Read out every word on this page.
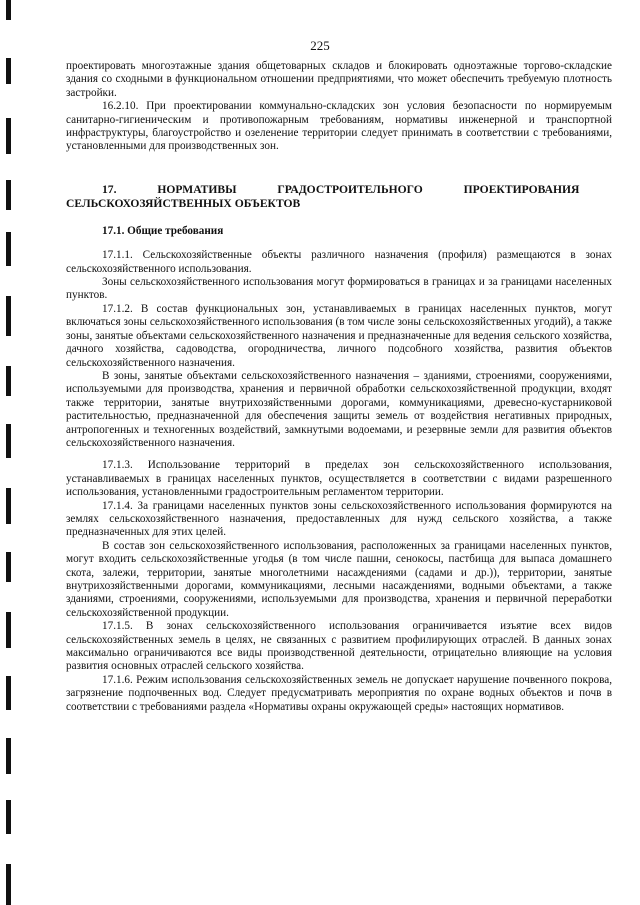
225

проектировать многоэтажные здания общетоварных складов и блокировать одноэтажные торгово-складские здания со сходными в функциональном отношении предприятиями, что может обеспечить требуемую плотность застройки.

16.2.10. При проектировании коммунально-складских зон условия безопасности по нормируемым санитарно-гигиеническим и противопожарным требованиям, нормативы инженерной и транспортной инфраструктуры, благоустройство и озеленение территории следует принимать в соответствии с требованиями, установленными для производственных зон.

17. НОРМАТИВЫ ГРАДОСТРОИТЕЛЬНОГО ПРОЕКТИРОВАНИЯ
СЕЛЬСКОХОЗЯЙСТВЕННЫХ ОБЪЕКТОВ

17.1. Общие требования

17.1.1. Сельскохозяйственные объекты различного назначения (профиля) размещаются в зонах сельскохозяйственного использования.

Зоны сельскохозяйственного использования могут формироваться в границах и за границами населенных пунктов.

17.1.2. В состав функциональных зон, устанавливаемых в границах населенных пунктов, могут включаться зоны сельскохозяйственного использования (в том числе зоны сельскохозяйственных угодий), а также зоны, занятые объектами сельскохозяйственного назначения и предназначенные для ведения сельского хозяйства, дачного хозяйства, садоводства, огородничества, личного подсобного хозяйства, развития объектов сельскохозяйственного назначения.

В зоны, занятые объектами сельскохозяйственного назначения – зданиями, строениями, сооружениями, используемыми для производства, хранения и первичной обработки сельскохозяйственной продукции, входят также территории, занятые внутрихозяйственными дорогами, коммуникациями, древесно-кустарниковой растительностью, предназначенной для обеспечения защиты земель от воздействия негативных природных, антропогенных и техногенных воздействий, замкнутыми водоемами, и резервные земли для развития объектов сельскохозяйственного назначения.

17.1.3. Использование территорий в пределах зон сельскохозяйственного использования, устанавливаемых в границах населенных пунктов, осуществляется в соответствии с видами разрешенного использования, установленными градостроительным регламентом территории.

17.1.4. За границами населенных пунктов зоны сельскохозяйственного использования формируются на землях сельскохозяйственного назначения, предоставленных для нужд сельского хозяйства, а также предназначенных для этих целей.

В состав зон сельскохозяйственного использования, расположенных за границами населенных пунктов, могут входить сельскохозяйственные угодья (в том числе пашни, сенокосы, пастбища для выпаса домашнего скота, залежи, территории, занятые многолетними насаждениями (садами и др.)), территории, занятые внутрихозяйственными дорогами, коммуникациями, лесными насаждениями, водными объектами, а также зданиями, строениями, сооружениями, используемыми для производства, хранения и первичной переработки сельскохозяйственной продукции.

17.1.5. В зонах сельскохозяйственного использования ограничивается изъятие всех видов сельскохозяйственных земель в целях, не связанных с развитием профилирующих отраслей. В данных зонах максимально ограничиваются все виды производственной деятельности, отрицательно влияющие на условия развития основных отраслей сельского хозяйства.

17.1.6. Режим использования сельскохозяйственных земель не допускает нарушение почвенного покрова, загрязнение подпочвенных вод. Следует предусматривать мероприятия по охране водных объектов и почв в соответствии с требованиями раздела «Нормативы охраны окружающей среды» настоящих нормативов.
